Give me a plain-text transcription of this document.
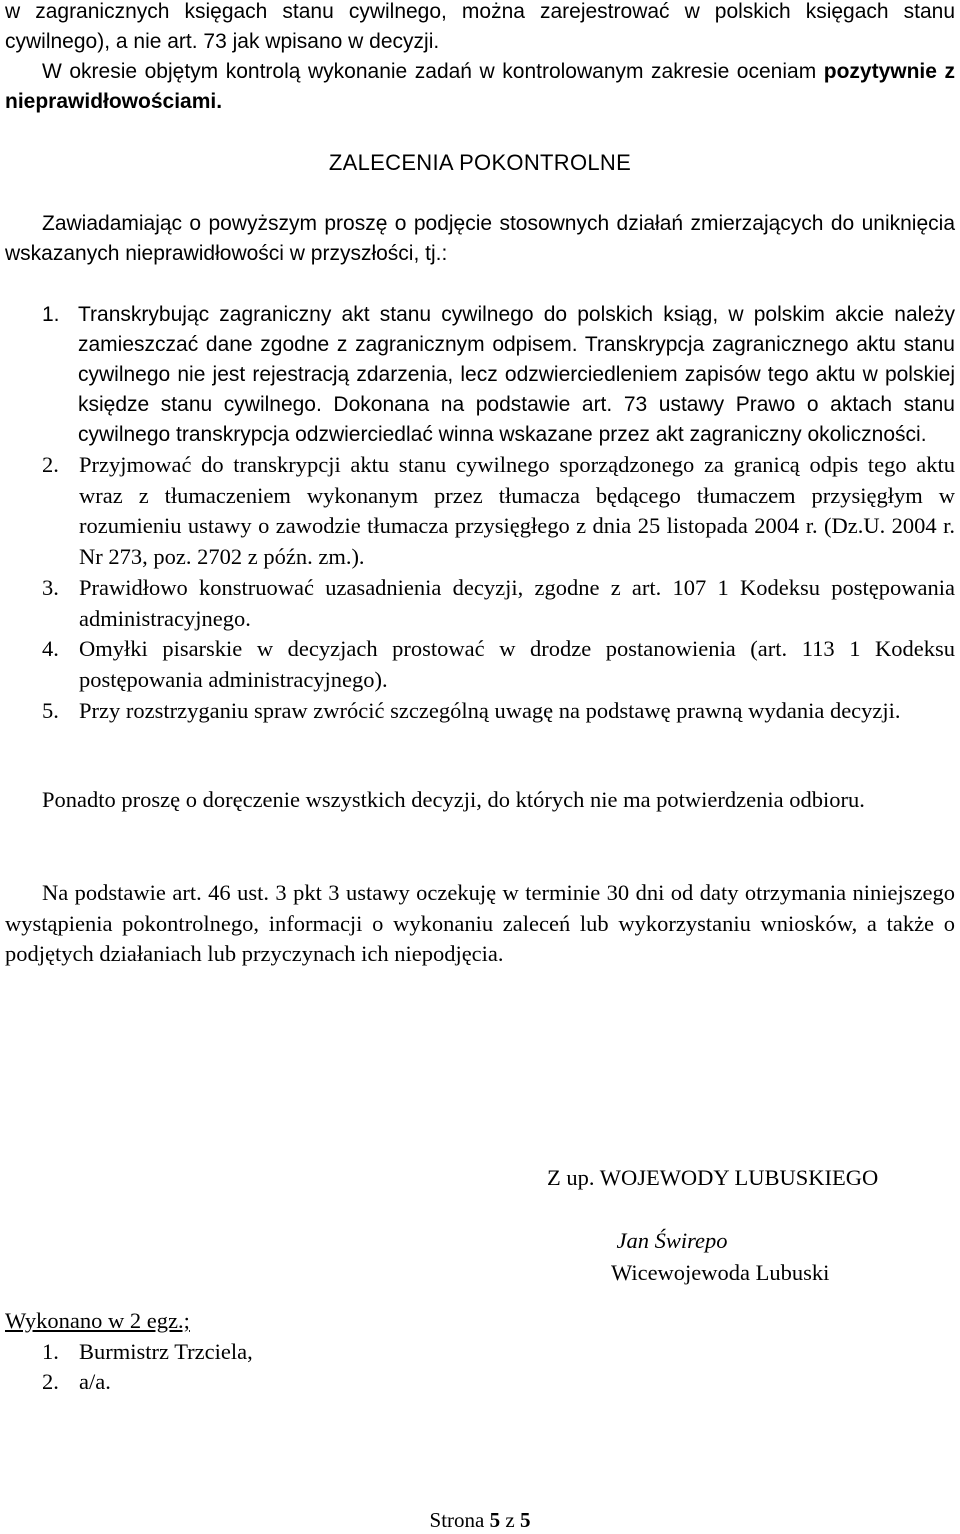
w zagranicznych księgach stanu cywilnego, można zarejestrować w polskich księgach stanu cywilnego), a nie art. 73 jak wpisano w decyzji.

W okresie objętym kontrolą wykonanie zadań w kontrolowanym zakresie oceniam pozytywnie z nieprawidłowościami.

ZALECENIA POKONTROLNE

Zawiadamiając o powyższym proszę o podjęcie stosownych działań zmierzających do uniknięcia wskazanych nieprawidłowości w przyszłości, tj.:

1. Transkrybując zagraniczny akt stanu cywilnego do polskich ksiąg, w polskim akcie należy zamieszczać dane zgodne z zagranicznym odpisem. Transkrypcja zagranicznego aktu stanu cywilnego nie jest rejestracją zdarzenia, lecz odzwierciedleniem zapisów tego aktu w polskiej księdze stanu cywilnego. Dokonana na podstawie art. 73 ustawy Prawo o aktach stanu cywilnego transkrypcja odzwierciedlać winna wskazane przez akt zagraniczny okoliczności.
2. Przyjmować do transkrypcji aktu stanu cywilnego sporządzonego za granicą odpis tego aktu wraz z tłumaczeniem wykonanym przez tłumacza będącego tłumaczem przysięgłym w rozumieniu ustawy o zawodzie tłumacza przysięgłego z dnia 25 listopada 2004 r. (Dz.U. 2004 r. Nr 273, poz. 2702 z późn. zm.).
3. Prawidłowo konstruować uzasadnienia decyzji, zgodne z art. 107 1 Kodeksu postępowania administracyjnego.
4. Omyłki pisarskie w decyzjach prostować w drodze postanowienia (art. 113 1 Kodeksu postępowania administracyjnego).
5. Przy rozstrzyganiu spraw zwrócić szczególną uwagę na podstawę prawną wydania decyzji.

Ponadto proszę o doręczenie wszystkich decyzji, do których nie ma potwierdzenia odbioru.

Na podstawie art. 46 ust. 3 pkt 3 ustawy oczekuję w terminie 30 dni od daty otrzymania niniejszego wystąpienia pokontrolnego, informacji o wykonaniu zaleceń lub wykorzystaniu wniosków, a także o podjętych działaniach lub przyczynach ich niepodjęcia.

Z up. WOJEWODY LUBUSKIEGO
Jan Świrepo
Wicewojewoda Lubuski
Wykonano w 2 egz.;
1. Burmistrz Trzciela,
2. a/a.
Strona 5 z 5
